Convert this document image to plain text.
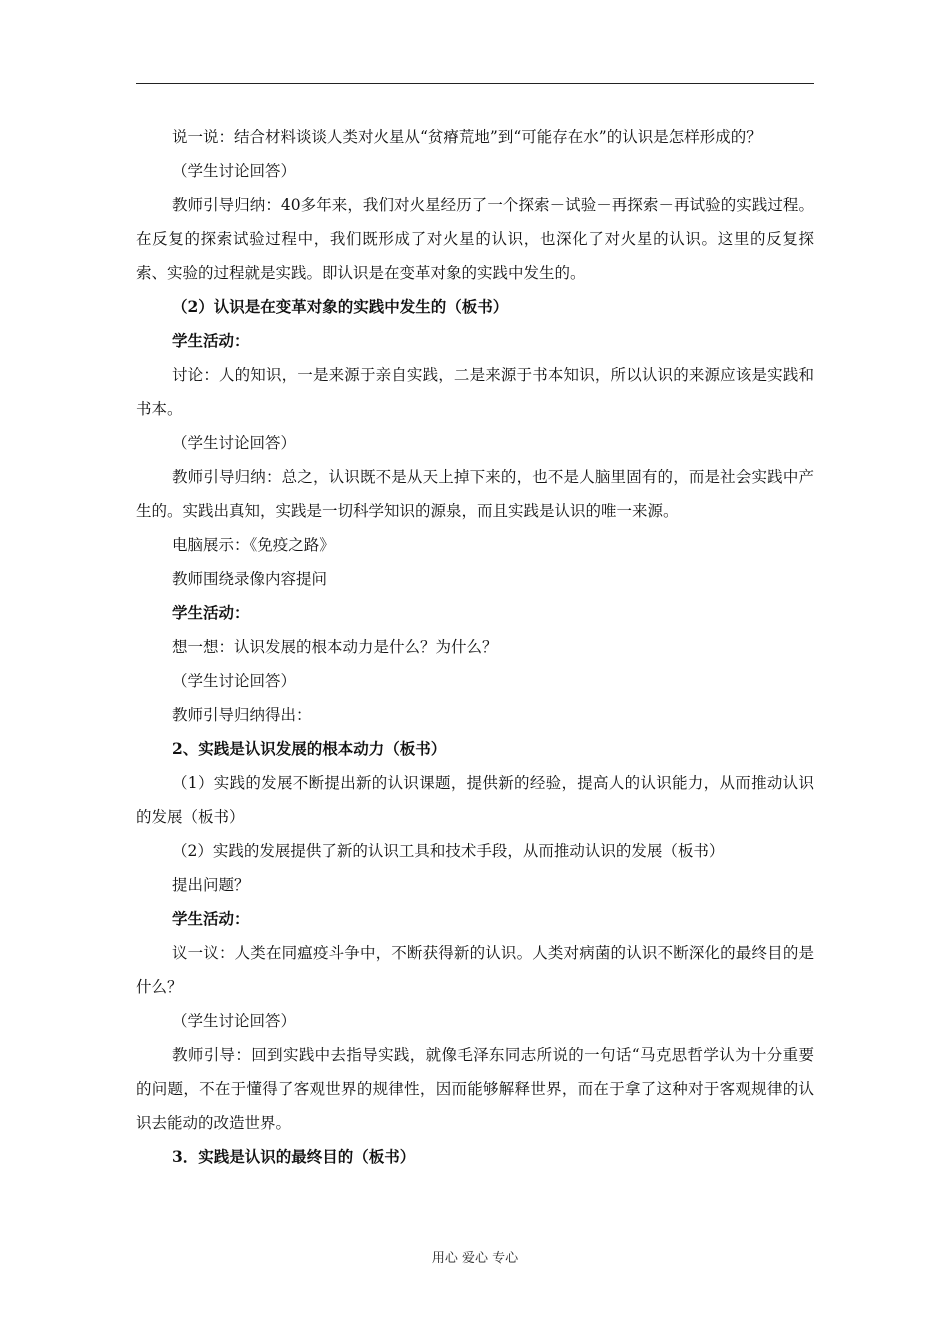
说一说：结合材料谈谈人类对火星从“贫瘠荒地”到“可能存在水”的认识是怎样形成的？

（学生讨论回答）

教师引导归纳：40多年来，我们对火星经历了一个探索－试验－再探索－再试验的实践过程。在反复的探索试验过程中，我们既形成了对火星的认识，也深化了对火星的认识。这里的反复探索、实验的过程就是实践。即认识是在变革对象的实践中发生的。

（2）认识是在变革对象的实践中发生的（板书）

学生活动：

讨论：人的知识，一是来源于亲自实践，二是来源于书本知识，所以认识的来源应该是实践和书本。

（学生讨论回答）

教师引导归纳：总之，认识既不是从天上掉下来的，也不是人脑里固有的，而是社会实践中产生的。实践出真知，实践是一切科学知识的源泉，而且实践是认识的唯一来源。

电脑展示：《免疫之路》

教师围绕录像内容提问

学生活动：

想一想：认识发展的根本动力是什么？为什么？

（学生讨论回答）

教师引导归纳得出：

2、实践是认识发展的根本动力（板书）

（1）实践的发展不断提出新的认识课题，提供新的经验，提高人的认识能力，从而推动认识的发展（板书）

（2）实践的发展提供了新的认识工具和技术手段，从而推动认识的发展（板书）

提出问题？

学生活动：

议一议：人类在同瘟疫斗争中，不断获得新的认识。人类对病菌的认识不断深化的最终目的是什么？

（学生讨论回答）

教师引导：回到实践中去指导实践，就像毛泽东同志所说的一句话“马克思哲学认为十分重要的问题，不在于懂得了客观世界的规律性，因而能够解释世界，而在于拿了这种对于客观规律的认识去能动的改造世界。

3．实践是认识的最终目的（板书）

用心 爱心 专心
